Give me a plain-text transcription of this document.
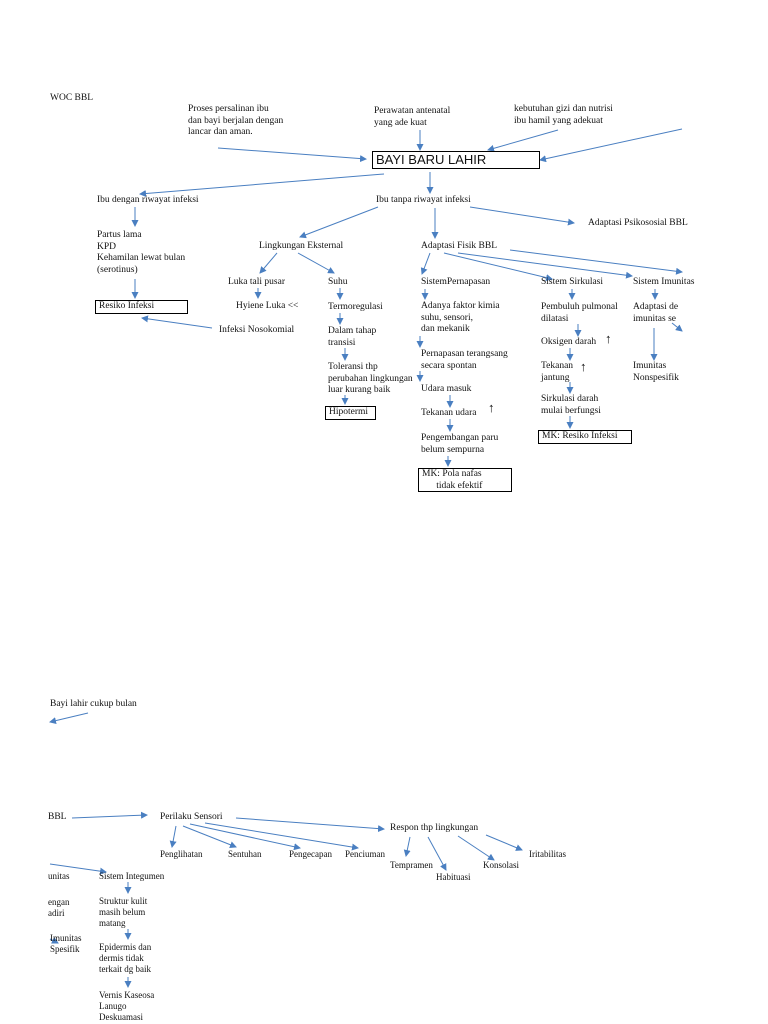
WOC BBL
Proses persalinan ibu
dan bayi berjalan dengan
lancar dan aman.
Perawatan antenatal
yang ade kuat
kebutuhan gizi dan nutrisi
ibu hamil yang adekuat
BAYI BARU LAHIR
Ibu dengan riwayat infeksi	Ibu tanpa riwayat infeksi
Adaptasi Psikososial BBL
Partus lama
KPD
Kehamilan lewat bulan
(serotinus)
Resiko Infeksi
Infeksi Nosokomial
Lingkungan Eksternal	Adaptasi Fisik BBL
Luka tali pusar
Hyiene Luka <<
Suhu
Termoregulasi
Dalam tahap
transisi
Toleransi thp
perubahan lingkungan
luar kurang baik
Hipotermi
SistemPernapasan
Adanya faktor kimia
suhu, sensori,
dan mekanik
Pernapasan terangsang
secara spontan
Udara masuk
Tekanan udara ↑
Pengembangan paru
belum sempurna
MK: Pola nafas
tidak efektif
Sistem Sirkulasi
Pembuluh pulmonal
dilatasi
Oksigen darah ↑
Tekanan
jantung
↑
Sirkulasi darah
mulai berfungsi
MK: Resiko Infeksi
Sistem Imunitas
Adaptasi de
imunitas se
Imunitas
Nonspesifik
Bayi lahir cukup bulan
BBL	Perilaku Sensori
Respon thp lingkungan
Penglihatan	Sentuhan	Pengecapan Penciuman
Tempramen
Habituasi
Konsolasi
Iritabilitas
unitas
engan
adiri
Imunitas
Spesifik
Sistem Integumen
Struktur kulit
masih belum
matang
Epidermis dan
dermis tidak
terkait dg baik
Vernis Kaseosa
Lanugo
Deskuamasi
